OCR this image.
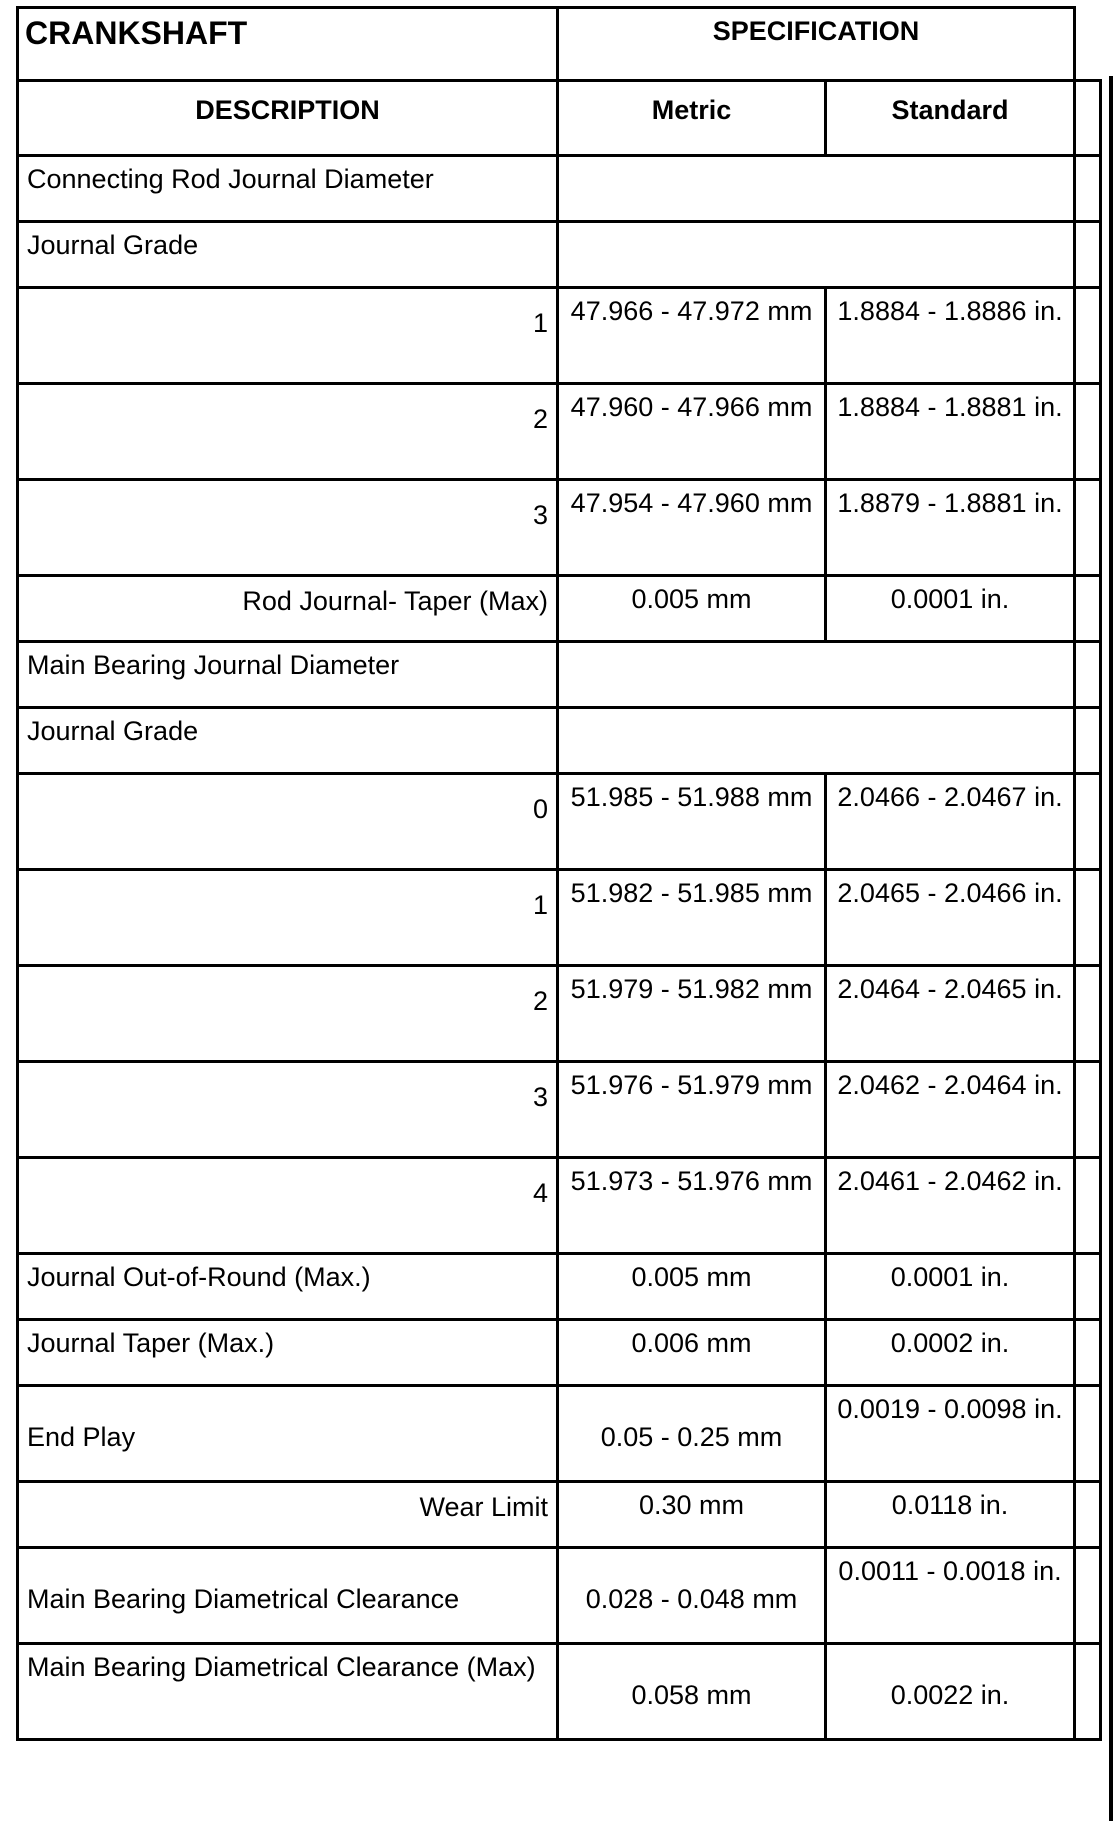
CRANKSHAFT	SPECIFICATION		
DESCRIPTION	Metric	Standard	
Connecting Rod Journal Diameter			
Journal Grade			
1	47.966 - 47.972 mm	1.8884 - 1.8886 in.	
2	47.960 - 47.966 mm	1.8884 - 1.8881 in.	
3	47.954 - 47.960 mm	1.8879 - 1.8881 in.	
Rod Journal- Taper (Max)	0.005 mm	0.0001 in.	
Main Bearing Journal Diameter			
Journal Grade			
0	51.985 - 51.988 mm	2.0466 - 2.0467 in.	
1	51.982 - 51.985 mm	2.0465 - 2.0466 in.	
2	51.979 - 51.982 mm	2.0464 - 2.0465 in.	
3	51.976 - 51.979 mm	2.0462 - 2.0464 in.	
4	51.973 - 51.976 mm	2.0461 - 2.0462 in.	
Journal Out-of-Round (Max.)	0.005 mm	0.0001 in.	
Journal Taper (Max.)	0.006 mm	0.0002 in.	
End Play	0.05 - 0.25 mm	0.0019 - 0.0098 in.	
Wear Limit	0.30 mm	0.0118 in.	
Main Bearing Diametrical Clearance	0.028 - 0.048 mm	0.0011 - 0.0018 in.	
Main Bearing Diametrical Clearance (Max)	0.058 mm	0.0022 in.	
